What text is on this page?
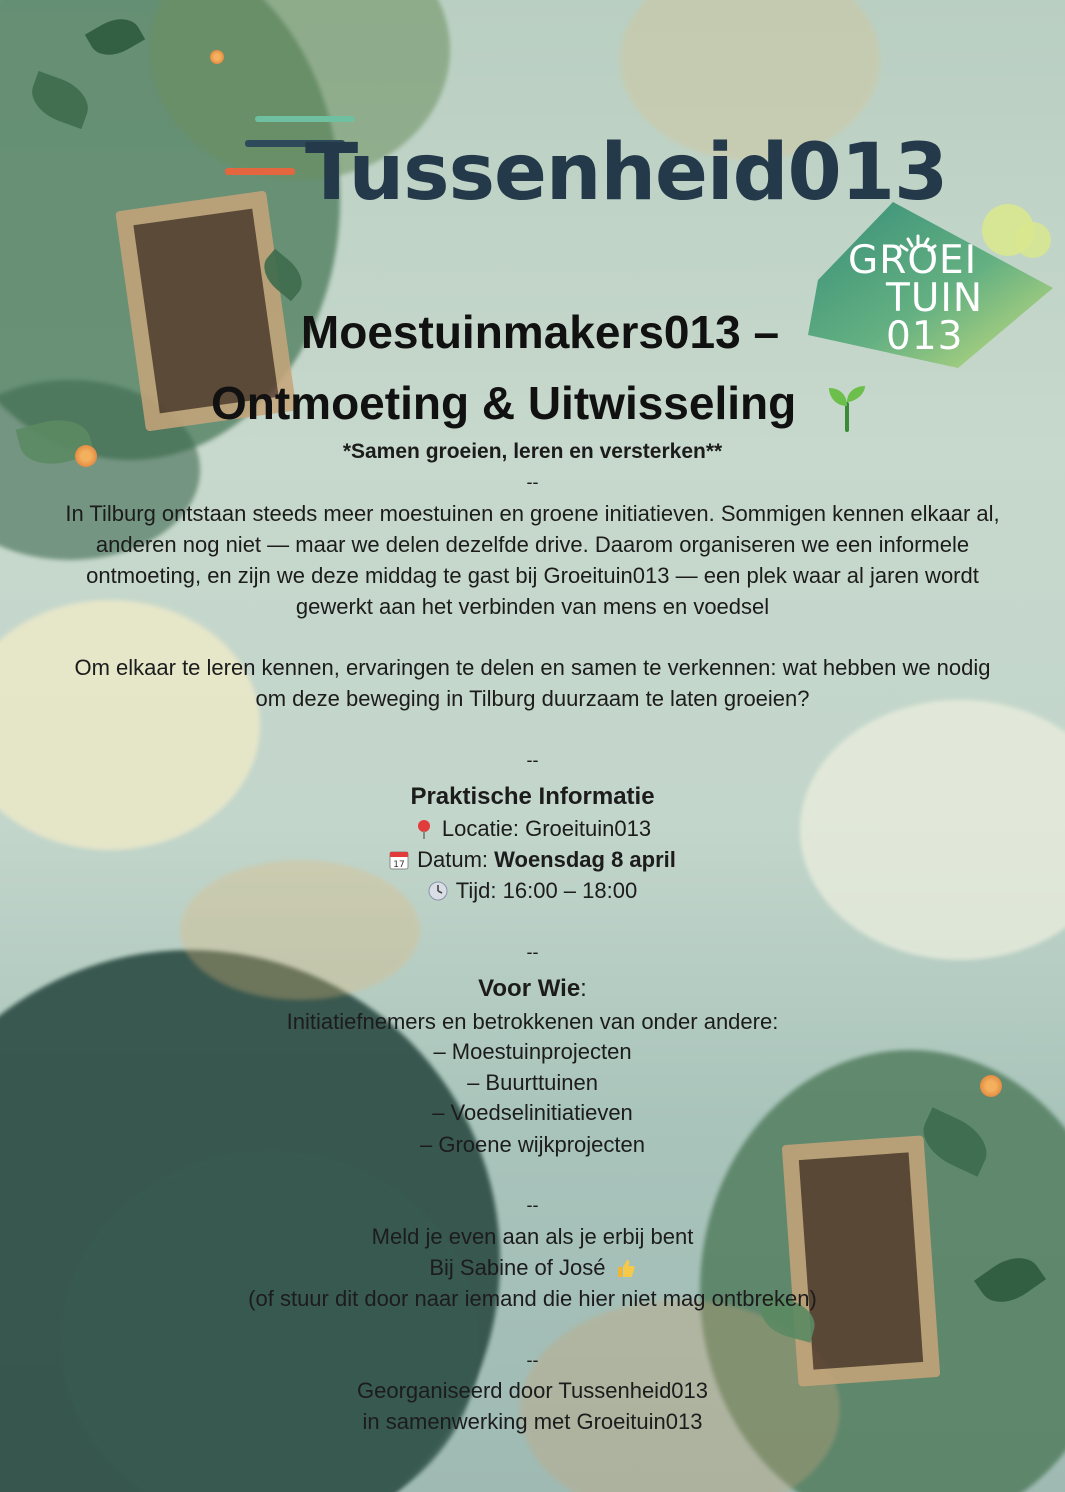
Tussenheid013
GROEI
TUIN
013
Moestuinmakers013 –
Ontmoeting & Uitwisseling
*Samen groeien, leren en versterken**
--
In Tilburg ontstaan steeds meer moestuinen en groene initiatieven. Sommigen kennen elkaar al,
anderen nog niet — maar we delen dezelfde drive. Daarom organiseren we een informele
ontmoeting, en zijn we deze middag te gast bij Groeituin013 — een plek waar al jaren wordt
gewerkt aan het verbinden van mens en voedsel
Om elkaar te leren kennen, ervaringen te delen en samen te verkennen: wat hebben we nodig
om deze beweging in Tilburg duurzaam te laten groeien?
--
Praktische Informatie
Locatie: Groeituin013
17 Datum: Woensdag 8 april
Tijd: 16:00 – 18:00
--
Voor Wie:
Initiatiefnemers en betrokkenen van onder andere:
– Moestuinprojecten
– Buurttuinen
– Voedselinitiatieven
– Groene wijkprojecten
--
Meld je even aan als je erbij bent
Bij Sabine of José
(of stuur dit door naar iemand die hier niet mag ontbreken)
--
Georganiseerd door Tussenheid013
in samenwerking met Groeituin013
